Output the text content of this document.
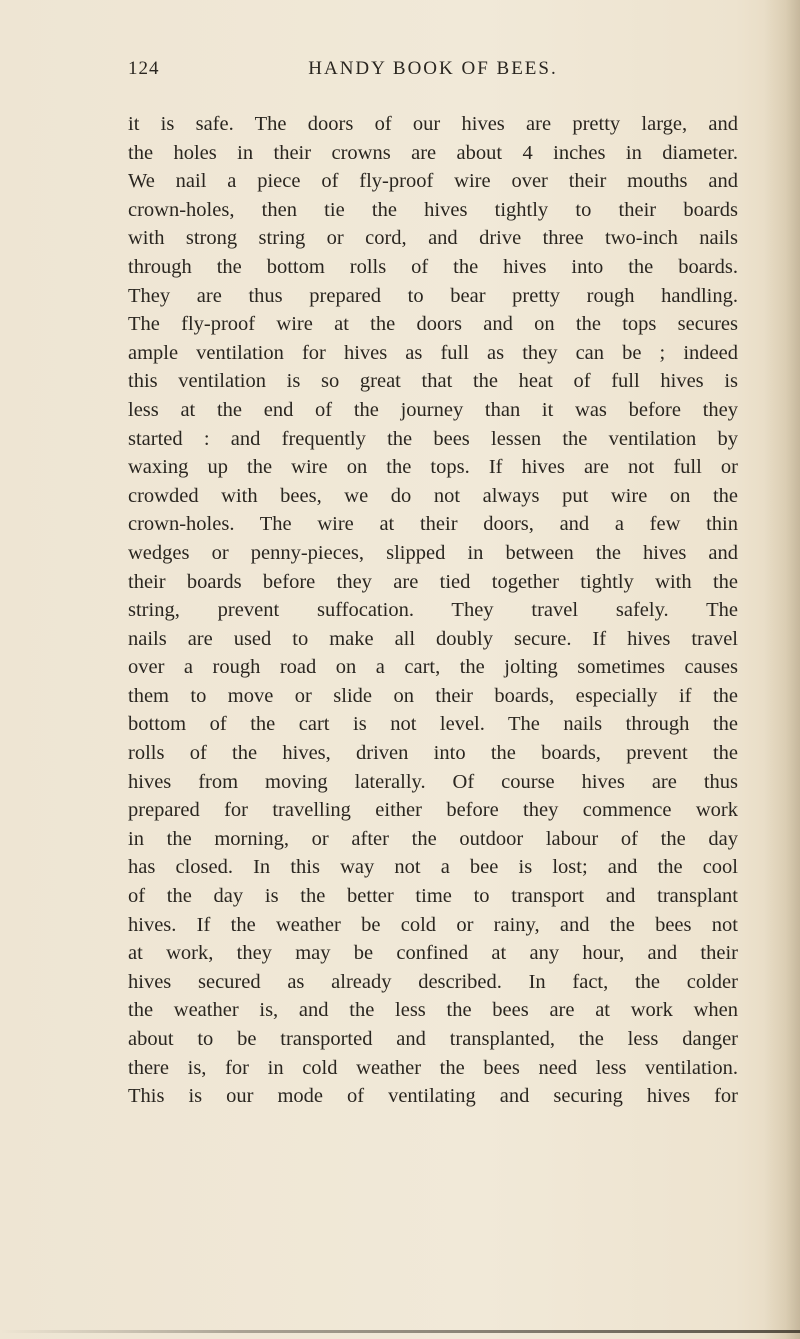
124	HANDY BOOK OF BEES.
it is safe. The doors of our hives are pretty large, and
the holes in their crowns are about 4 inches in diameter.
We nail a piece of fly-proof wire over their mouths and
crown-holes, then tie the hives tightly to their boards
with strong string or cord, and drive three two-inch nails
through the bottom rolls of the hives into the boards.
They are thus prepared to bear pretty rough handling.
The fly-proof wire at the doors and on the tops secures
ample ventilation for hives as full as they can be ; indeed
this ventilation is so great that the heat of full hives is
less at the end of the journey than it was before they
started : and frequently the bees lessen the ventilation by
waxing up the wire on the tops. If hives are not full or
crowded with bees, we do not always put wire on the
crown-holes. The wire at their doors, and a few thin
wedges or penny-pieces, slipped in between the hives and
their boards before they are tied together tightly with the
string, prevent suffocation. They travel safely. The
nails are used to make all doubly secure. If hives travel
over a rough road on a cart, the jolting sometimes causes
them to move or slide on their boards, especially if the
bottom of the cart is not level. The nails through the
rolls of the hives, driven into the boards, prevent the
hives from moving laterally. Of course hives are thus
prepared for travelling either before they commence work
in the morning, or after the outdoor labour of the day
has closed. In this way not a bee is lost; and the cool
of the day is the better time to transport and transplant
hives. If the weather be cold or rainy, and the bees not
at work, they may be confined at any hour, and their
hives secured as already described. In fact, the colder
the weather is, and the less the bees are at work when
about to be transported and transplanted, the less danger
there is, for in cold weather the bees need less ventilation.
This is our mode of ventilating and securing hives for
